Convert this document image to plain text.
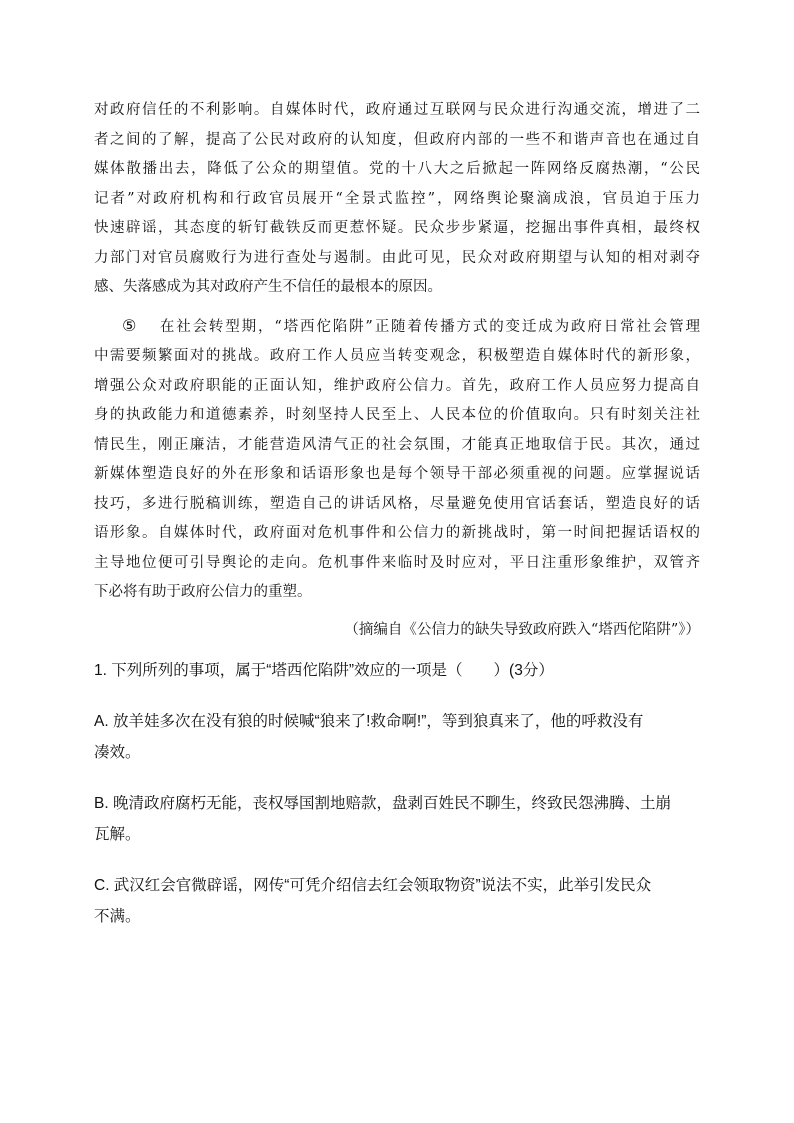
对政府信任的不利影响。自媒体时代，政府通过互联网与民众进行沟通交流，增进了二
者之间的了解，提高了公民对政府的认知度，但政府内部的一些不和谐声音也在通过自
媒体散播出去，降低了公众的期望值。党的十八大之后掀起一阵网络反腐热潮，“公民
记者”对政府机构和行政官员展开“全景式监控”，网络舆论聚滴成浪，官员迫于压力
快速辟谣，其态度的斩钉截铁反而更惹怀疑。民众步步紧逼，挖掘出事件真相，最终权
力部门对官员腐败行为进行查处与遏制。由此可见，民众对政府期望与认知的相对剥夺
感、失落感成为其对政府产生不信任的最根本的原因。
⑤ 在社会转型期，“塔西佗陷阱”正随着传播方式的变迁成为政府日常社会管理
中需要频繁面对的挑战。政府工作人员应当转变观念，积极塑造自媒体时代的新形象，
增强公众对政府职能的正面认知，维护政府公信力。首先，政府工作人员应努力提高自
身的执政能力和道德素养，时刻坚持人民至上、人民本位的价值取向。只有时刻关注社
情民生，刚正廉洁，才能营造风清气正的社会氛围，才能真正地取信于民。其次，通过
新媒体塑造良好的外在形象和话语形象也是每个领导干部必须重视的问题。应掌握说话
技巧，多进行脱稿训练，塑造自己的讲话风格，尽量避免使用官话套话，塑造良好的话
语形象。自媒体时代，政府面对危机事件和公信力的新挑战时，第一时间把握话语权的
主导地位便可引导舆论的走向。危机事件来临时及时应对，平日注重形象维护，双管齐
下必将有助于政府公信力的重塑。

（摘编自《公信力的缺失导致政府跌入“塔西佗陷阱”》）

1. 下列所列的事项，属于“塔西佗陷阱”效应的一项是（　　）(3分）
A. 放羊娃多次在没有狼的时候喊“狼来了!救命啊!”，等到狼真来了，他的呼救没有
凑效。
B. 晚清政府腐朽无能，丧权辱国割地赔款，盘剥百姓民不聊生，终致民怨沸腾、土崩
瓦解。
C. 武汉红会官微辟谣，网传“可凭介绍信去红会领取物资”说法不实，此举引发民众
不满。
